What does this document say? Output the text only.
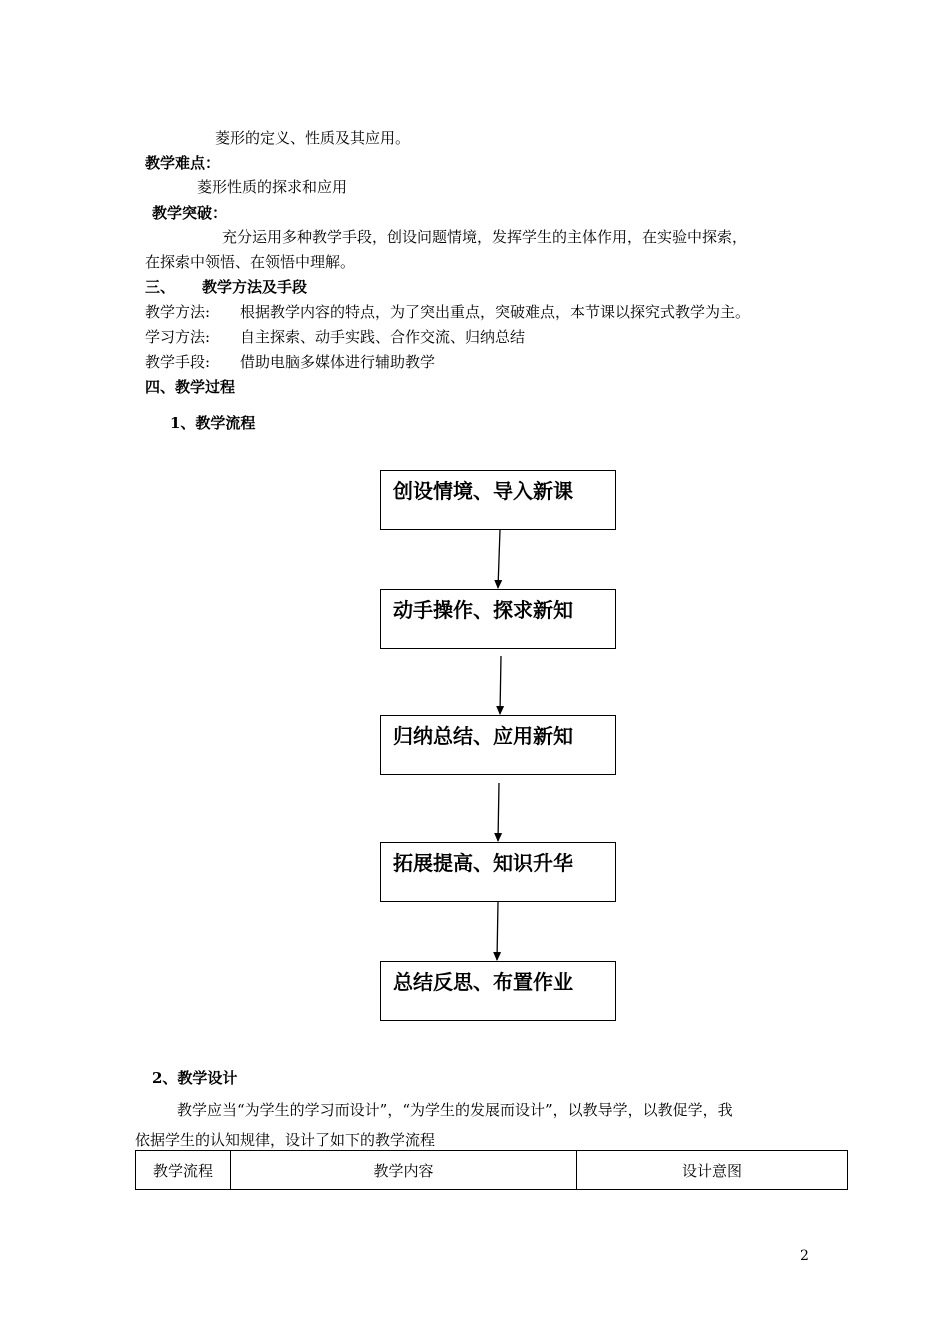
菱形的定义、性质及其应用。
教学难点：
菱形性质的探求和应用
教学突破：
充分运用多种教学手段，创设问题情境，发挥学生的主体作用，在实验中探索，
在探索中领悟、在领悟中理解。
三、 教学方法及手段
教学方法: 根据教学内容的特点，为了突出重点，突破难点，本节课以探究式教学为主。
学习方法: 自主探索、动手实践、合作交流、归纳总结
教学手段: 借助电脑多媒体进行辅助教学
四、教学过程
1、教学流程
创设情境、导入新课
动手操作、探求新知
归纳总结、应用新知
拓展提高、知识升华
总结反思、布置作业
2、教学设计
教学应当“为学生的学习而设计”，“为学生的发展而设计”，以教导学，以教促学，我
依据学生的认知规律，设计了如下的教学流程
教学流程	教学内容	设计意图
2
